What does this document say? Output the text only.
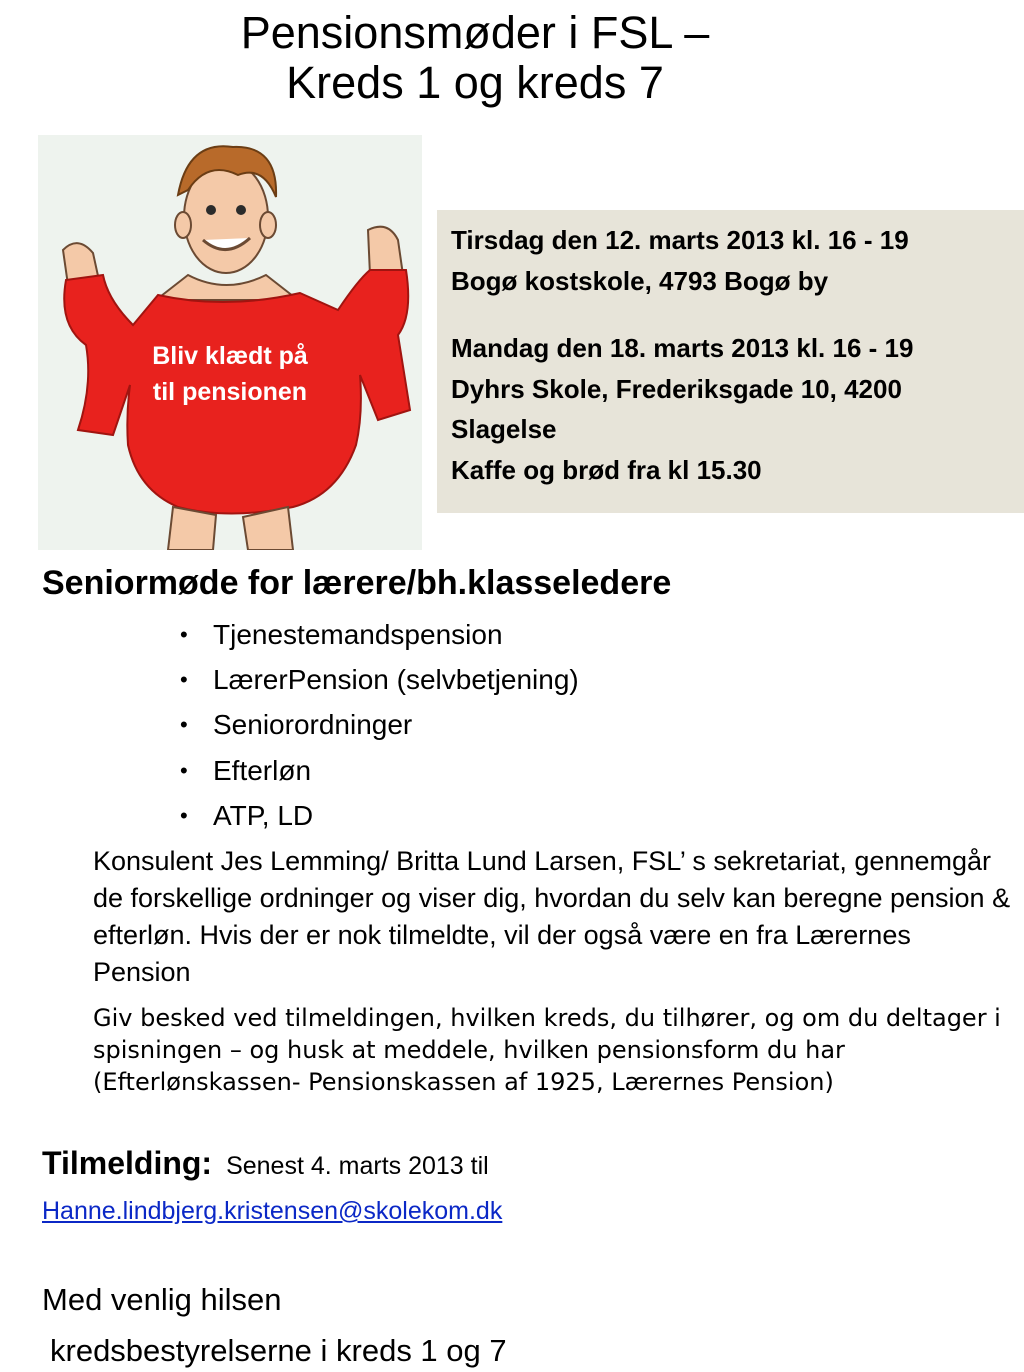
Pensionsmøder i FSL –
Kreds 1 og kreds 7
Bliv klædt på
til pensionen
Tirsdag den 12. marts 2013 kl. 16 - 19
Bogø kostskole, 4793 Bogø by
Mandag den 18. marts 2013 kl. 16 - 19
Dyhrs Skole, Frederiksgade 10, 4200
Slagelse
Kaffe og brød fra kl 15.30
Seniormøde for lærere/bh.klasseledere
• Tjenestemandspension
• LærerPension (selvbetjening)
• Seniorordninger
• Efterløn
• ATP, LD
Konsulent Jes Lemming/ Britta Lund Larsen, FSL’ s sekretariat, gennemgår de forskellige ordninger og viser dig, hvordan du selv kan beregne pension & efterløn. Hvis der er nok tilmeldte, vil der også være en fra Lærernes Pension
Giv besked ved tilmeldingen, hvilken kreds, du tilhører, og om du deltager i spisningen – og husk at meddele, hvilken pensionsform du har (Efterlønskassen- Pensionskassen af 1925, Lærernes Pension)
Tilmelding: Senest 4. marts 2013 til
Hanne.lindbjerg.kristensen@skolekom.dk
Med venlig hilsen
kredsbestyrelserne i kreds 1 og 7
